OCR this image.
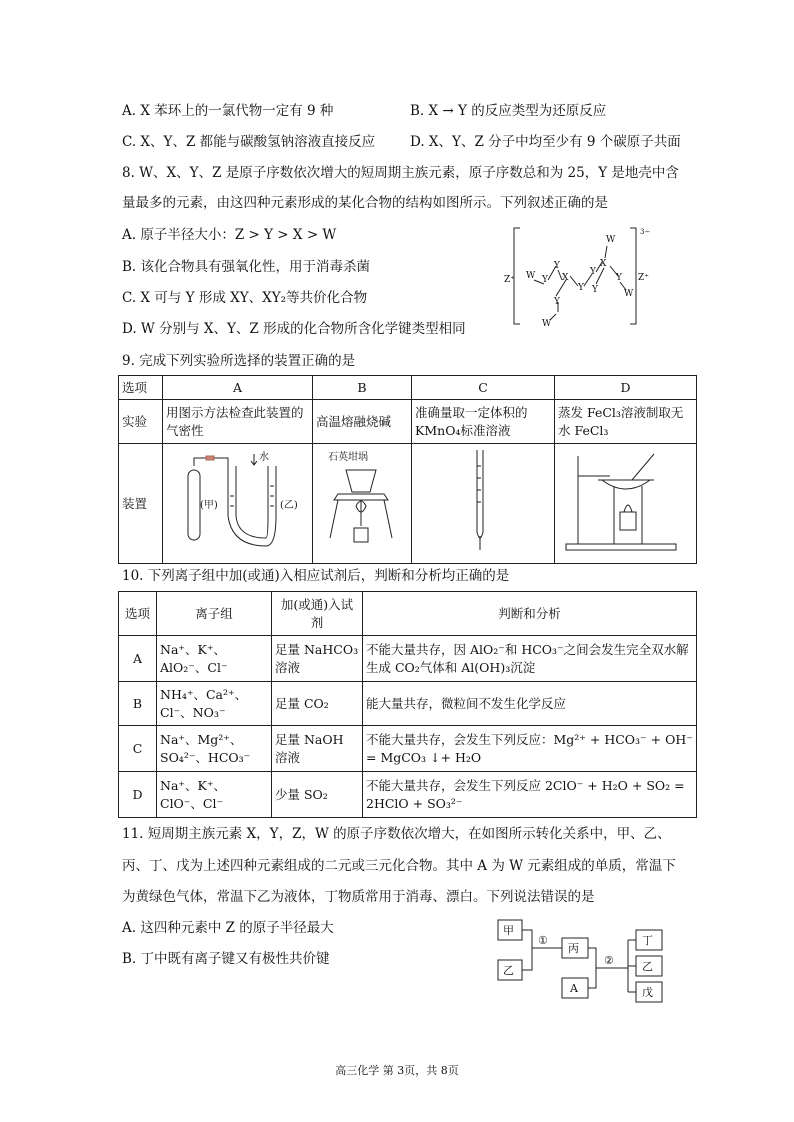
A. X 苯环上的一氯代物一定有 9 种	B. X → Y 的反应类型为还原反应
C. X、Y、Z 都能与碳酸氢钠溶液直接反应	D. X、Y、Z 分子中均至少有 9 个碳原子共面
8. W、X、Y、Z 是原子序数依次增大的短周期主族元素，原子序数总和为 25，Y 是地壳中含
量最多的元素，由这四种元素形成的某化合物的结构如图所示。下列叙述正确的是
A. 原子半径大小：Z > Y > X > W
B. 该化合物具有强氧化性，用于消毒杀菌
C. X 可与 Y 形成 XY、XY₂等共价化合物
D. W 分别与 X、Y、Z 形成的化合物所含化学键类型相同
Z⁺	Z⁺
3−
W
X
Y
W
Y
Y Y
X
Y
Y
W
Y
W
9. 完成下列实验所选择的装置正确的是
选项	A	B	C	D
实验	用图示方法检查此装置的气密性	高温熔融烧碱	准确量取一定体积的 KMnO₄标准溶液	蒸发 FeCl₃溶液制取无水 FeCl₃
装置	水
(甲) (乙)	石英坩埚

10. 下列离子组中加(或通)入相应试剂后，判断和分析均正确的是
选项	离子组	加(或通)入试剂	判断和分析
A	Na⁺、K⁺、AlO₂⁻、Cl⁻	足量 NaHCO₃ 溶液	不能大量共存，因 AlO₂⁻和 HCO₃⁻之间会发生完全双水解生成 CO₂气体和 Al(OH)₃沉淀
B	NH₄⁺、Ca²⁺、Cl⁻、NO₃⁻	足量 CO₂	能大量共存，微粒间不发生化学反应
C	Na⁺、Mg²⁺、SO₄²⁻、HCO₃⁻	足量 NaOH 溶液	不能大量共存，会发生下列反应：Mg²⁺ + HCO₃⁻ + OH⁻ = MgCO₃ ↓+ H₂O
D	Na⁺、K⁺、ClO⁻、Cl⁻	少量 SO₂	不能大量共存，会发生下列反应 2ClO⁻ + H₂O + SO₂ = 2HClO + SO₃²⁻
11. 短周期主族元素 X，Y，Z，W 的原子序数依次增大，在如图所示转化关系中，甲、乙、
丙、丁、戊为上述四种元素组成的二元或三元化合物。其中 A 为 W 元素组成的单质，常温下
为黄绿色气体，常温下乙为液体，丁物质常用于消毒、漂白。下列说法错误的是
A. 这四种元素中 Z 的原子半径最大
B. 丁中既有离子键又有极性共价键
甲
乙
丙
A
丁
乙
戊
①
②
高三化学 第 3页，共 8页
